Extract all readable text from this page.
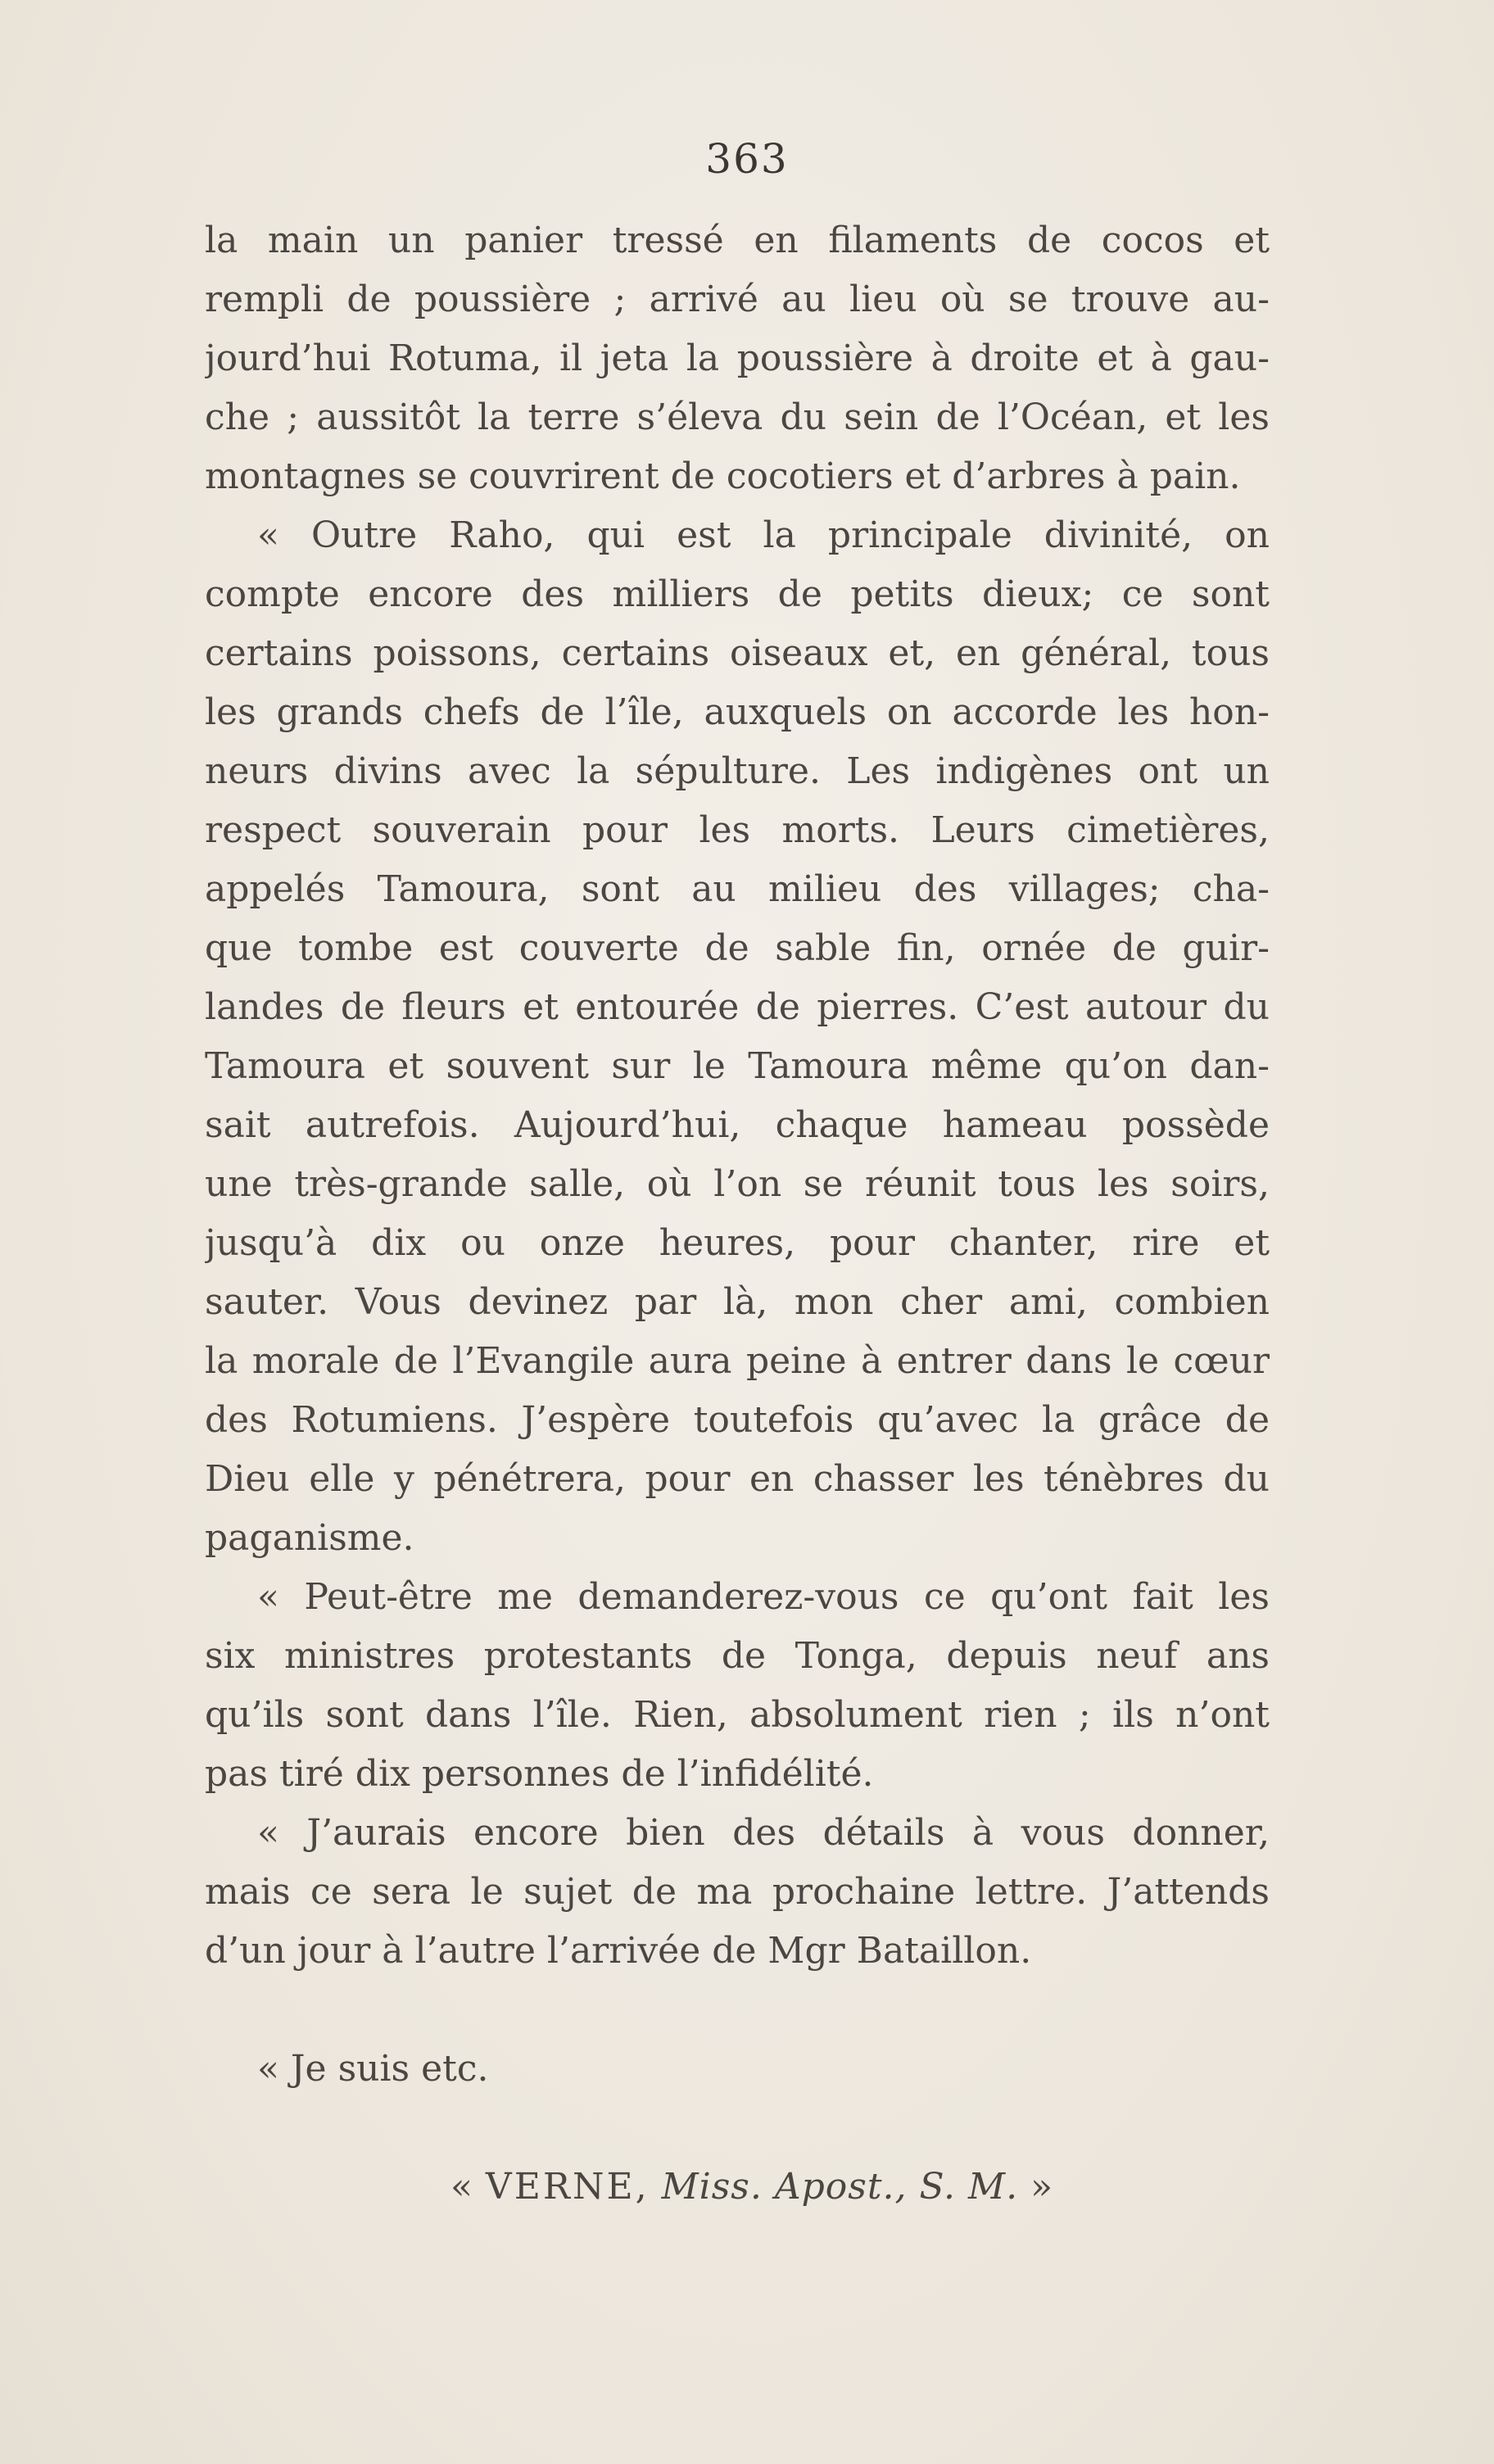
363
la main un panier tressé en filaments de cocos et
rempli de poussière ; arrivé au lieu où se trouve au-
jourd’hui Rotuma, il jeta la poussière à droite et à gau-
che ; aussitôt la terre s’éleva du sein de l’Océan, et les
montagnes se couvrirent de cocotiers et d’arbres à pain.
« Outre Raho, qui est la principale divinité, on
compte encore des milliers de petits dieux; ce sont
certains poissons, certains oiseaux et, en général, tous
les grands chefs de l’île, auxquels on accorde les hon-
neurs divins avec la sépulture. Les indigènes ont un
respect souverain pour les morts. Leurs cimetières,
appelés Tamoura, sont au milieu des villages; cha-
que tombe est couverte de sable fin, ornée de guir-
landes de fleurs et entourée de pierres. C’est autour du
Tamoura et souvent sur le Tamoura même qu’on dan-
sait autrefois. Aujourd’hui, chaque hameau possède
une très-grande salle, où l’on se réunit tous les soirs,
jusqu’à dix ou onze heures, pour chanter, rire et
sauter. Vous devinez par là, mon cher ami, combien
la morale de l’Evangile aura peine à entrer dans le cœur
des Rotumiens. J’espère toutefois qu’avec la grâce de
Dieu elle y pénétrera, pour en chasser les ténèbres du
paganisme.
« Peut-être me demanderez-vous ce qu’ont fait les
six ministres protestants de Tonga, depuis neuf ans
qu’ils sont dans l’île. Rien, absolument rien ; ils n’ont
pas tiré dix personnes de l’infidélité.
« J’aurais encore bien des détails à vous donner,
mais ce sera le sujet de ma prochaine lettre. J’attends
d’un jour à l’autre l’arrivée de Mgr Bataillon.
« Je suis etc.
« VERNE, Miss. Apost., S. M. »
